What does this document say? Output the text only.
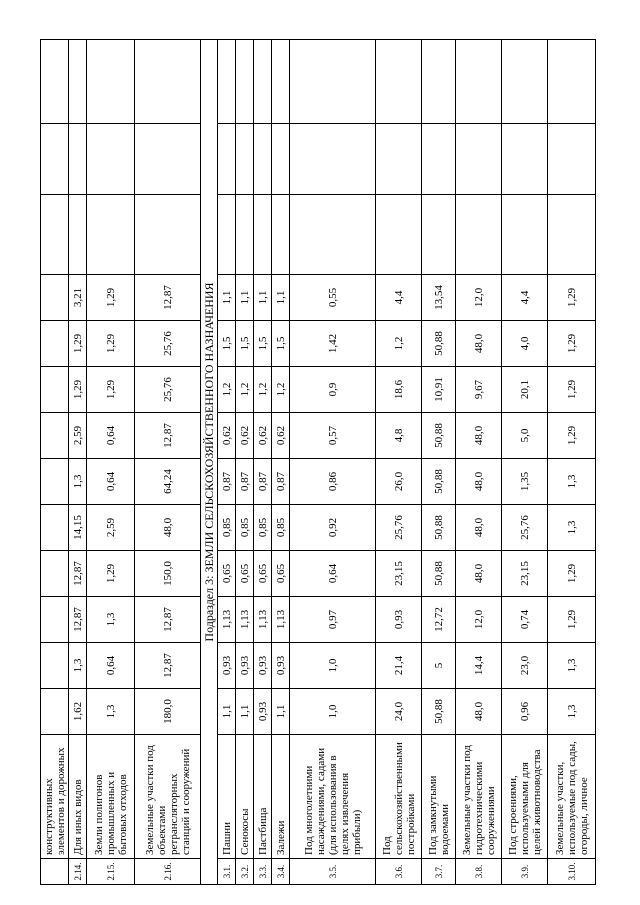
	конструктивных элементов и дорожных													
2.14.	Для иных видов	1,62	1,3	12,87	12,87	14,15	1,3	2,59	1,29	1,29	3,21			
2.15.	Земли полигонов промышленных и бытовых отходов	1,3	0,64	1,3	1,29	2,59	0,64	0,64	1,29	1,29	1,29			
2.16.	Земельные участки под объектами ретрансляторных станций и сооружений	180,0	12,87	12,87	150,0	48,0	64,24	12,87	25,76	25,76	12,87			
Подраздел 3: ЗЕМЛИ СЕЛЬСКОХОЗЯЙСТВЕННОГО НАЗНАЧЕНИЯ														
3.1.	Пашни	1,1	0,93	1,13	0,65	0,85	0,87	0,62	1,2	1,5	1,1			
3.2.	Сенокосы	1,1	0,93	1,13	0,65	0,85	0,87	0,62	1,2	1,5	1,1			
3.3.	Пастбища	0,93	0,93	1,13	0,65	0,85	0,87	0,62	1,2	1,5	1,1			
3.4.	Залежи	1,1	0,93	1,13	0,65	0,85	0,87	0,62	1,2	1,5	1,1			
3.5.	Под многолетними насаждениями, садами (для использования в целях извлечения прибыли)	1,0	1,0	0,97	0,64	0,92	0,86	0,57	0,9	1,42	0,55			
3.6.	Под сельскохозяйственными постройками	24,0	21,4	0,93	23,15	25,76	26,0	4,8	18,6	1,2	4,4			
3.7.	Под замкнутыми водоемами	50,88	5	12,72	50,88	50,88	50,88	50,88	10,91	50,88	13,54			
3.8.	Земельные участки под гидротехническими сооружениями	48,0	14,4	12,0	48,0	48,0	48,0	48,0	9,67	48,0	12,0			
3.9.	Под строениями, используемыми для целей животноводства	0,96	23,0	0,74	23,15	25,76	1,35	5,0	20,1	4,0	4,4			
3.10.	Земельные участки, используемые под сады, огороды, личное	1,3	1,3	1,29	1,29	1,3	1,3	1,29	1,29	1,29	1,29			
